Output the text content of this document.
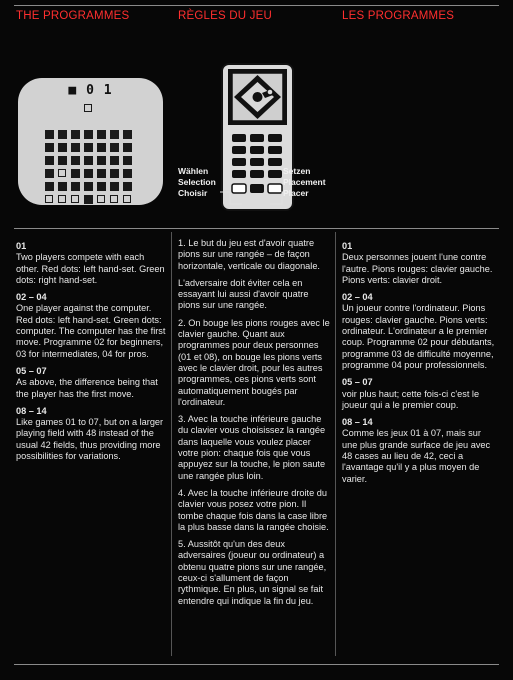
THE PROGRAMMES	RÈGLES DU JEU	LES PROGRAMMES
■ 0 1
Wählen
Selection
Choisir
Setzen
Placement
Placer
01

Two players compete with each other. Red dots: left hand-set. Green dots: right hand-set.

02 – 04

One player against the computer. Red dots: left hand-set. Green dots: computer. The computer has the first move. Programme 02 for beginners, 03 for intermediates, 04 for pros.

05 – 07

As above, the difference being that the player has the first move.

08 – 14

Like games 01 to 07, but on a larger playing field with 48 instead of the usual 42 fields, thus providing more possibilities for variations.

1. Le but du jeu est d'avoir quatre pions sur une rangée – de façon horizontale, verticale ou diagonale.

L'adversaire doit éviter cela en essayant lui aussi d'avoir quatre pions sur une rangée.

2. On bouge les pions rouges avec le clavier gauche. Quant aux programmes pour deux personnes (01 et 08), on bouge les pions verts avec le clavier droit, pour les autres programmes, ces pions verts sont automatiquement bougés par l'ordinateur.

3. Avec la touche inférieure gauche du clavier vous choisissez la rangée dans laquelle vous voulez placer votre pion: chaque fois que vous appuyez sur la touche, le pion saute une rangée plus loin.

4. Avec la touche inférieure droite du clavier vous posez votre pion. Il tombe chaque fois dans la case libre la plus basse dans la rangée choisie.

5. Aussitôt qu'un des deux adversaires (joueur ou ordinateur) a obtenu quatre pions sur une rangée, ceux-ci s'allument de façon rythmique. En plus, un signal se fait entendre qui indique la fin du jeu.

01

Deux personnes jouent l'une contre l'autre. Pions rouges: clavier gauche. Pions verts: clavier droit.

02 – 04

Un joueur contre l'ordinateur. Pions rouges: clavier gauche. Pions verts: ordinateur. L'ordinateur a le premier coup. Programme 02 pour débutants, programme 03 de difficulté moyenne, programme 04 pour professionnels.

05 – 07

voir plus haut; cette fois-ci c'est le joueur qui a le premier coup.

08 – 14

Comme les jeux 01 à 07, mais sur une plus grande surface de jeu avec 48 cases au lieu de 42, ceci a l'avantage qu'il y a plus moyen de varier.
